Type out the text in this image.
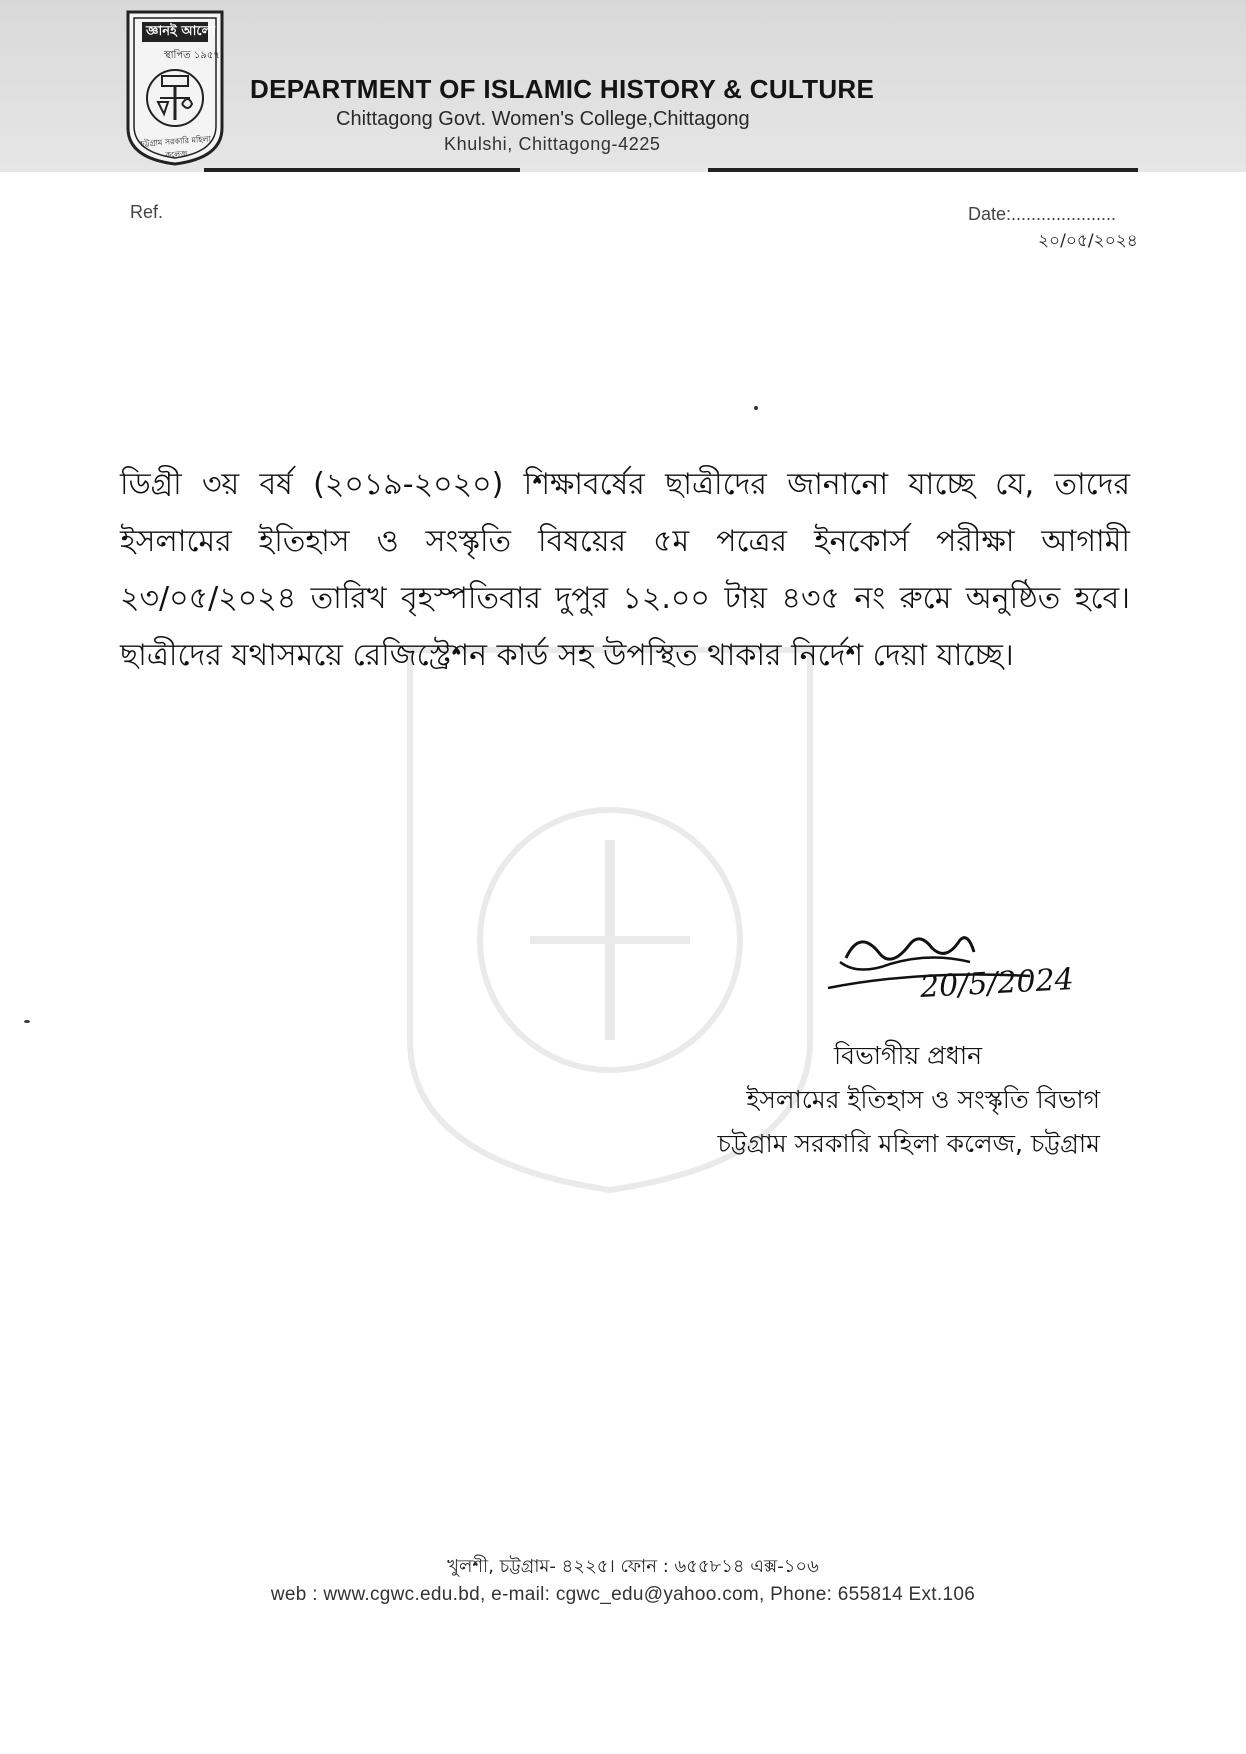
জ্ঞানই আলো
স্থাপিত ১৯৫৭
চট্টগ্রাম সরকারি মহিলা কলেজ
DEPARTMENT OF ISLAMIC HISTORY & CULTURE
Chittagong Govt. Women's College,Chittagong
Khulshi, Chittagong-4225
Ref.	Date:.....................
২০/০৫/২০২৪
ডিগ্রী ৩য় বর্ষ (২০১৯-২০২০) শিক্ষাবর্ষের ছাত্রীদের জানানো যাচ্ছে যে, তাদের ইসলামের ইতিহাস ও সংস্কৃতি বিষয়ের ৫ম পত্রের ইনকোর্স পরীক্ষা আগামী ২৩/০৫/২০২৪ তারিখ বৃহস্পতিবার দুপুর ১২.০০ টায় ৪৩৫ নং রুমে অনুষ্ঠিত হবে। ছাত্রীদের যথাসময়ে রেজিস্ট্রেশন কার্ড সহ উপস্থিত থাকার নির্দেশ দেয়া যাচ্ছে।
20/5/2024
বিভাগীয় প্রধান
ইসলামের ইতিহাস ও সংস্কৃতি বিভাগ
চট্টগ্রাম সরকারি মহিলা কলেজ, চট্টগ্রাম
খুলশী, চট্টগ্রাম- ৪২২৫। ফোন : ৬৫৫৮১৪ এক্স-১০৬
web : www.cgwc.edu.bd, e-mail: cgwc_edu@yahoo.com, Phone: 655814 Ext.106
